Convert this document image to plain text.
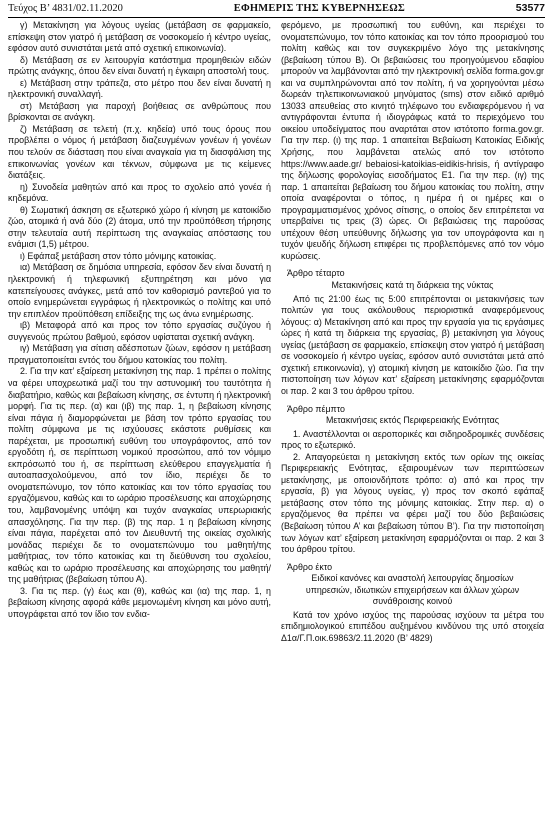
Τεύχος Β’ 4831/02.11.2020	ΕΦΗΜΕΡΙΣ ΤΗΣ ΚΥΒΕΡΝΗΣΕΩΣ	53577

γ) Μετακίνηση για λόγους υγείας (μετάβαση σε φαρμακείο, επίσκεψη στον γιατρό ή μετάβαση σε νοσοκομείο ή κέντρο υγείας, εφόσον αυτό συνιστάται μετά από σχετική επικοινωνία).

δ) Μετάβαση σε εν λειτουργία κατάστημα προμηθειών ειδών πρώτης ανάγκης, όπου δεν είναι δυνατή η έγκαιρη αποστολή τους.

ε) Μετάβαση στην τράπεζα, στο μέτρο που δεν είναι δυνατή η ηλεκτρονική συναλλαγή.

στ) Μετάβαση για παροχή βοήθειας σε ανθρώπους που βρίσκονται σε ανάγκη.

ζ) Μετάβαση σε τελετή (π.χ. κηδεία) υπό τους όρους που προβλέπει ο νόμος ή μετάβαση διαζευγμένων γονέων ή γονέων που τελούν σε διάσταση που είναι αναγκαία για τη διασφάλιση της επικοινωνίας γονέων και τέκνων, σύμφωνα με τις κείμενες διατάξεις.

η) Συνοδεία μαθητών από και προς το σχολείο από γονέα ή κηδεμόνα.

θ) Σωματική άσκηση σε εξωτερικό χώρο ή κίνηση με κατοικίδιο ζώο, ατομικά ή ανά δύο (2) άτομα, υπό την προϋπόθεση τήρησης στην τελευταία αυτή περίπτωση της αναγκαίας απόστασης του ενάμισι (1,5) μέτρου.

ι) Εφάπαξ μετάβαση στον τόπο μόνιμης κατοικίας.

ια) Μετάβαση σε δημόσια υπηρεσία, εφόσον δεν είναι δυνατή η ηλεκτρονική ή τηλεφωνική εξυπηρέτηση και μόνο για κατεπείγουσες ανάγκες, μετά από τον καθορισμό ραντεβού για το οποίο ενημερώνεται εγγράφως ή ηλεκτρονικώς ο πολίτης και υπό την επιπλέον προϋπόθεση επίδειξης της ως άνω ενημέρωσης.

ιβ) Μεταφορά από και προς τον τόπο εργασίας συζύγου ή συγγενούς πρώτου βαθμού, εφόσον υφίσταται σχετική ανάγκη.

ιγ) Μετάβαση για σίτιση αδέσποτων ζώων, εφόσον η μετάβαση πραγματοποιείται εντός του δήμου κατοικίας του πολίτη.

2. Για την κατ’ εξαίρεση μετακίνηση της παρ. 1 πρέπει ο πολίτης να φέρει υποχρεωτικά μαζί του την αστυνομική του ταυτότητα ή διαβατήριο, καθώς και βεβαίωση κίνησης, σε έντυπη ή ηλεκτρονική μορφή. Για τις περ. (α) και (ιβ) της παρ. 1, η βεβαίωση κίνησης είναι πάγια ή διαμορφώνεται με βάση τον τρόπο εργασίας του πολίτη σύμφωνα με τις ισχύουσες εκάστοτε ρυθμίσεις και παρέχεται, με προσωπική ευθύνη του υπογράφοντος, από τον εργοδότη ή, σε περίπτωση νομικού προσώπου, από τον νόμιμο εκπρόσωπό του ή, σε περίπτωση ελεύθερου επαγγελματία ή αυτοαπασχολούμενου, από τον ίδιο, περιέχει δε το ονοματεπώνυμο, τον τόπο κατοικίας και τον τόπο εργασίας του εργαζόμενου, καθώς και το ωράριο προσέλευσης και αποχώρησης του, λαμβανομένης υπόψη και τυχόν αναγκαίας υπερωριακής απασχόλησης. Για την περ. (β) της παρ. 1 η βεβαίωση κίνησης είναι πάγια, παρέχεται από τον Διευθυντή της οικείας σχολικής μονάδας περιέχει δε το ονοματεπώνυμο του μαθητή/της μαθήτριας, τον τόπο κατοικίας και τη διεύθυνση του σχολείου, καθώς και το ωράριο προσέλευσης και αποχώρησης του μαθητή/της μαθήτριας (βεβαίωση τύπου Α).

3. Για τις περ. (γ) έως και (θ), καθώς και (ια) της παρ. 1, η βεβαίωση κίνησης αφορά κάθε μεμονωμένη κίνηση και μόνο αυτή, υπογράφεται από τον ίδιο τον ενδια-

φερόμενο, με προσωπική του ευθύνη, και περιέχει το ονοματεπώνυμο, τον τόπο κατοικίας και τον τόπο προορισμού του πολίτη καθώς και τον συγκεκριμένο λόγο της μετακίνησης (βεβαίωση τύπου Β). Οι βεβαιώσεις του προηγούμενου εδαφίου μπορούν να λαμβάνονται από την ηλεκτρονική σελίδα forma.gov.gr και να συμπληρώνονται από τον πολίτη, ή να χορηγούνται μέσω δωρεάν τηλεπικοινωνιακού μηνύματος (sms) στον ειδικό αριθμό 13033 απευθείας στο κινητό τηλέφωνο του ενδιαφερόμενου ή να αντιγράφονται έντυπα ή ιδιογράφως κατά το περιεχόμενο του οικείου υποδείγματος που αναρτάται στον ιστότοπο forma.gov.gr. Για την περ. (ι) της παρ. 1 απαιτείται Βεβαίωση Κατοικίας Ειδικής Χρήσης, που λαμβάνεται ατελώς από τον ιστότοπο https://www.aade.gr/ bebaiosi-katoikias-eidikis-hrisis, ή αντίγραφο της δήλωσης φορολογίας εισοδήματος Ε1. Για την περ. (ιγ) της παρ. 1 απαιτείται βεβαίωση του δήμου κατοικίας του πολίτη, στην οποία αναφέρονται ο τόπος, η ημέρα ή οι ημέρες και ο προγραμματισμένος χρόνος σίτισης, ο οποίος δεν επιτρέπεται να υπερβαίνει τις τρεις (3) ώρες. Οι βεβαιώσεις της παρούσας υπέχουν θέση υπεύθυνης δήλωσης για τον υπογράφοντα και η τυχόν ψευδής δήλωση επιφέρει τις προβλεπόμενες από τον νόμο κυρώσεις.

Άρθρο τέταρτο

Μετακινήσεις κατά τη διάρκεια της νύκτας

Από τις 21:00 έως τις 5:00 επιτρέπονται οι μετακινήσεις των πολιτών για τους ακόλουθους περιοριστικά αναφερόμενους λόγους: α) Μετακίνηση από και προς την εργασία για τις εργάσιμες ώρες ή κατά τη διάρκεια της εργασίας, β) μετακίνηση για λόγους υγείας (μετάβαση σε φαρμακείο, επίσκεψη στον γιατρό ή μετάβαση σε νοσοκομείο ή κέντρο υγείας, εφόσον αυτό συνιστάται μετά από σχετική επικοινωνία), γ) ατομική κίνηση με κατοικίδιο ζώο. Για την πιστοποίηση των λόγων κατ’ εξαίρεση μετακίνησης εφαρμόζονται οι παρ. 2 και 3 του άρθρου τρίτου.

Άρθρο πέμπτο

Μετακινήσεις εκτός Περιφερειακής Ενότητας

1. Αναστέλλονται οι αεροπορικές και σιδηροδρομικές συνδέσεις προς το εξωτερικό.

2. Απαγορεύεται η μετακίνηση εκτός των ορίων της οικείας Περιφερειακής Ενότητας, εξαιρουμένων των περιπτώσεων μετακίνησης, με οποιονδήποτε τρόπο: α) από και προς την εργασία, β) για λόγους υγείας, γ) προς τον σκοπό εφάπαξ μετάβασης στον τόπο της μόνιμης κατοικίας. Στην περ. α) ο εργαζόμενος θα πρέπει να φέρει μαζί του δύο βεβαιώσεις (Βεβαίωση τύπου Α’ και βεβαίωση τύπου Β’). Για την πιστοποίηση των λόγων κατ’ εξαίρεση μετακίνηση εφαρμόζονται οι παρ. 2 και 3 του άρθρου τρίτου.

Άρθρο έκτο

Ειδικοί κανόνες και αναστολή λειτουργίας δημοσίων υπηρεσιών, ιδιωτικών επιχειρήσεων και άλλων χώρων συνάθροισης κοινού

Κατά τον χρόνο ισχύος της παρούσας ισχύουν τα μέτρα του επιδημιολογικού επιπέδου αυξημένου κινδύνου της υπό στοιχεία Δ1α/Γ.Π.οικ.69863/2.11.2020 (Β’ 4829)
